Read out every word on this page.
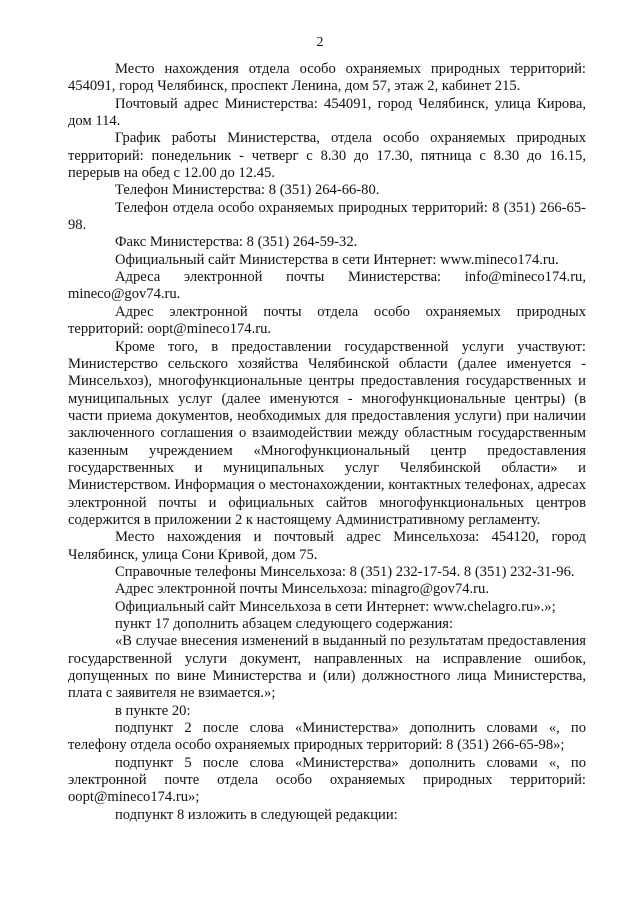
2

Место нахождения отдела особо охраняемых природных территорий: 454091, город Челябинск, проспект Ленина, дом 57, этаж 2, кабинет 215.

Почтовый адрес Министерства: 454091, город Челябинск, улица Кирова, дом 114.

График работы Министерства, отдела особо охраняемых природных территорий: понедельник - четверг с 8.30 до 17.30, пятница с 8.30 до 16.15, перерыв на обед с 12.00 до 12.45.

Телефон Министерства: 8 (351) 264-66-80.

Телефон отдела особо охраняемых природных территорий: 8 (351) 266-65-98.

Факс Министерства: 8 (351) 264-59-32.

Официальный сайт Министерства в сети Интернет: www.mineco174.ru.

Адреса электронной почты Министерства: info@mineco174.ru, mineco@gov74.ru.

Адрес электронной почты отдела особо охраняемых природных территорий: oopt@mineco174.ru.

Кроме того, в предоставлении государственной услуги участвуют: Министерство сельского хозяйства Челябинской области (далее именуется - Минсельхоз), многофункциональные центры предоставления государственных и муниципальных услуг (далее именуются - многофункциональные центры) (в части приема документов, необходимых для предоставления услуги) при наличии заключенного соглашения о взаимодействии между областным государственным казенным учреждением «Многофункциональный центр предоставления государственных и муниципальных услуг Челябинской области» и Министерством. Информация о местонахождении, контактных телефонах, адресах электронной почты и официальных сайтов многофункциональных центров содержится в приложении 2 к настоящему Административному регламенту.

Место нахождения и почтовый адрес Минсельхоза: 454120, город Челябинск, улица Сони Кривой, дом 75.

Справочные телефоны Минсельхоза: 8 (351) 232-17-54. 8 (351) 232-31-96.

Адрес электронной почты Минсельхоза: minagro@gov74.ru.

Официальный сайт Минсельхоза в сети Интернет: www.chelagro.ru».»;

пункт 17 дополнить абзацем следующего содержания:

«В случае внесения изменений в выданный по результатам предоставления государственной услуги документ, направленных на исправление ошибок, допущенных по вине Министерства и (или) должностного лица Министерства, плата с заявителя не взимается.»;

в пункте 20:

подпункт 2 после слова «Министерства» дополнить словами «, по телефону отдела особо охраняемых природных территорий: 8 (351) 266-65-98»;

подпункт 5 после слова «Министерства» дополнить словами «, по электронной почте отдела особо охраняемых природных территорий: oopt@mineco174.ru»;

подпункт 8 изложить в следующей редакции:
